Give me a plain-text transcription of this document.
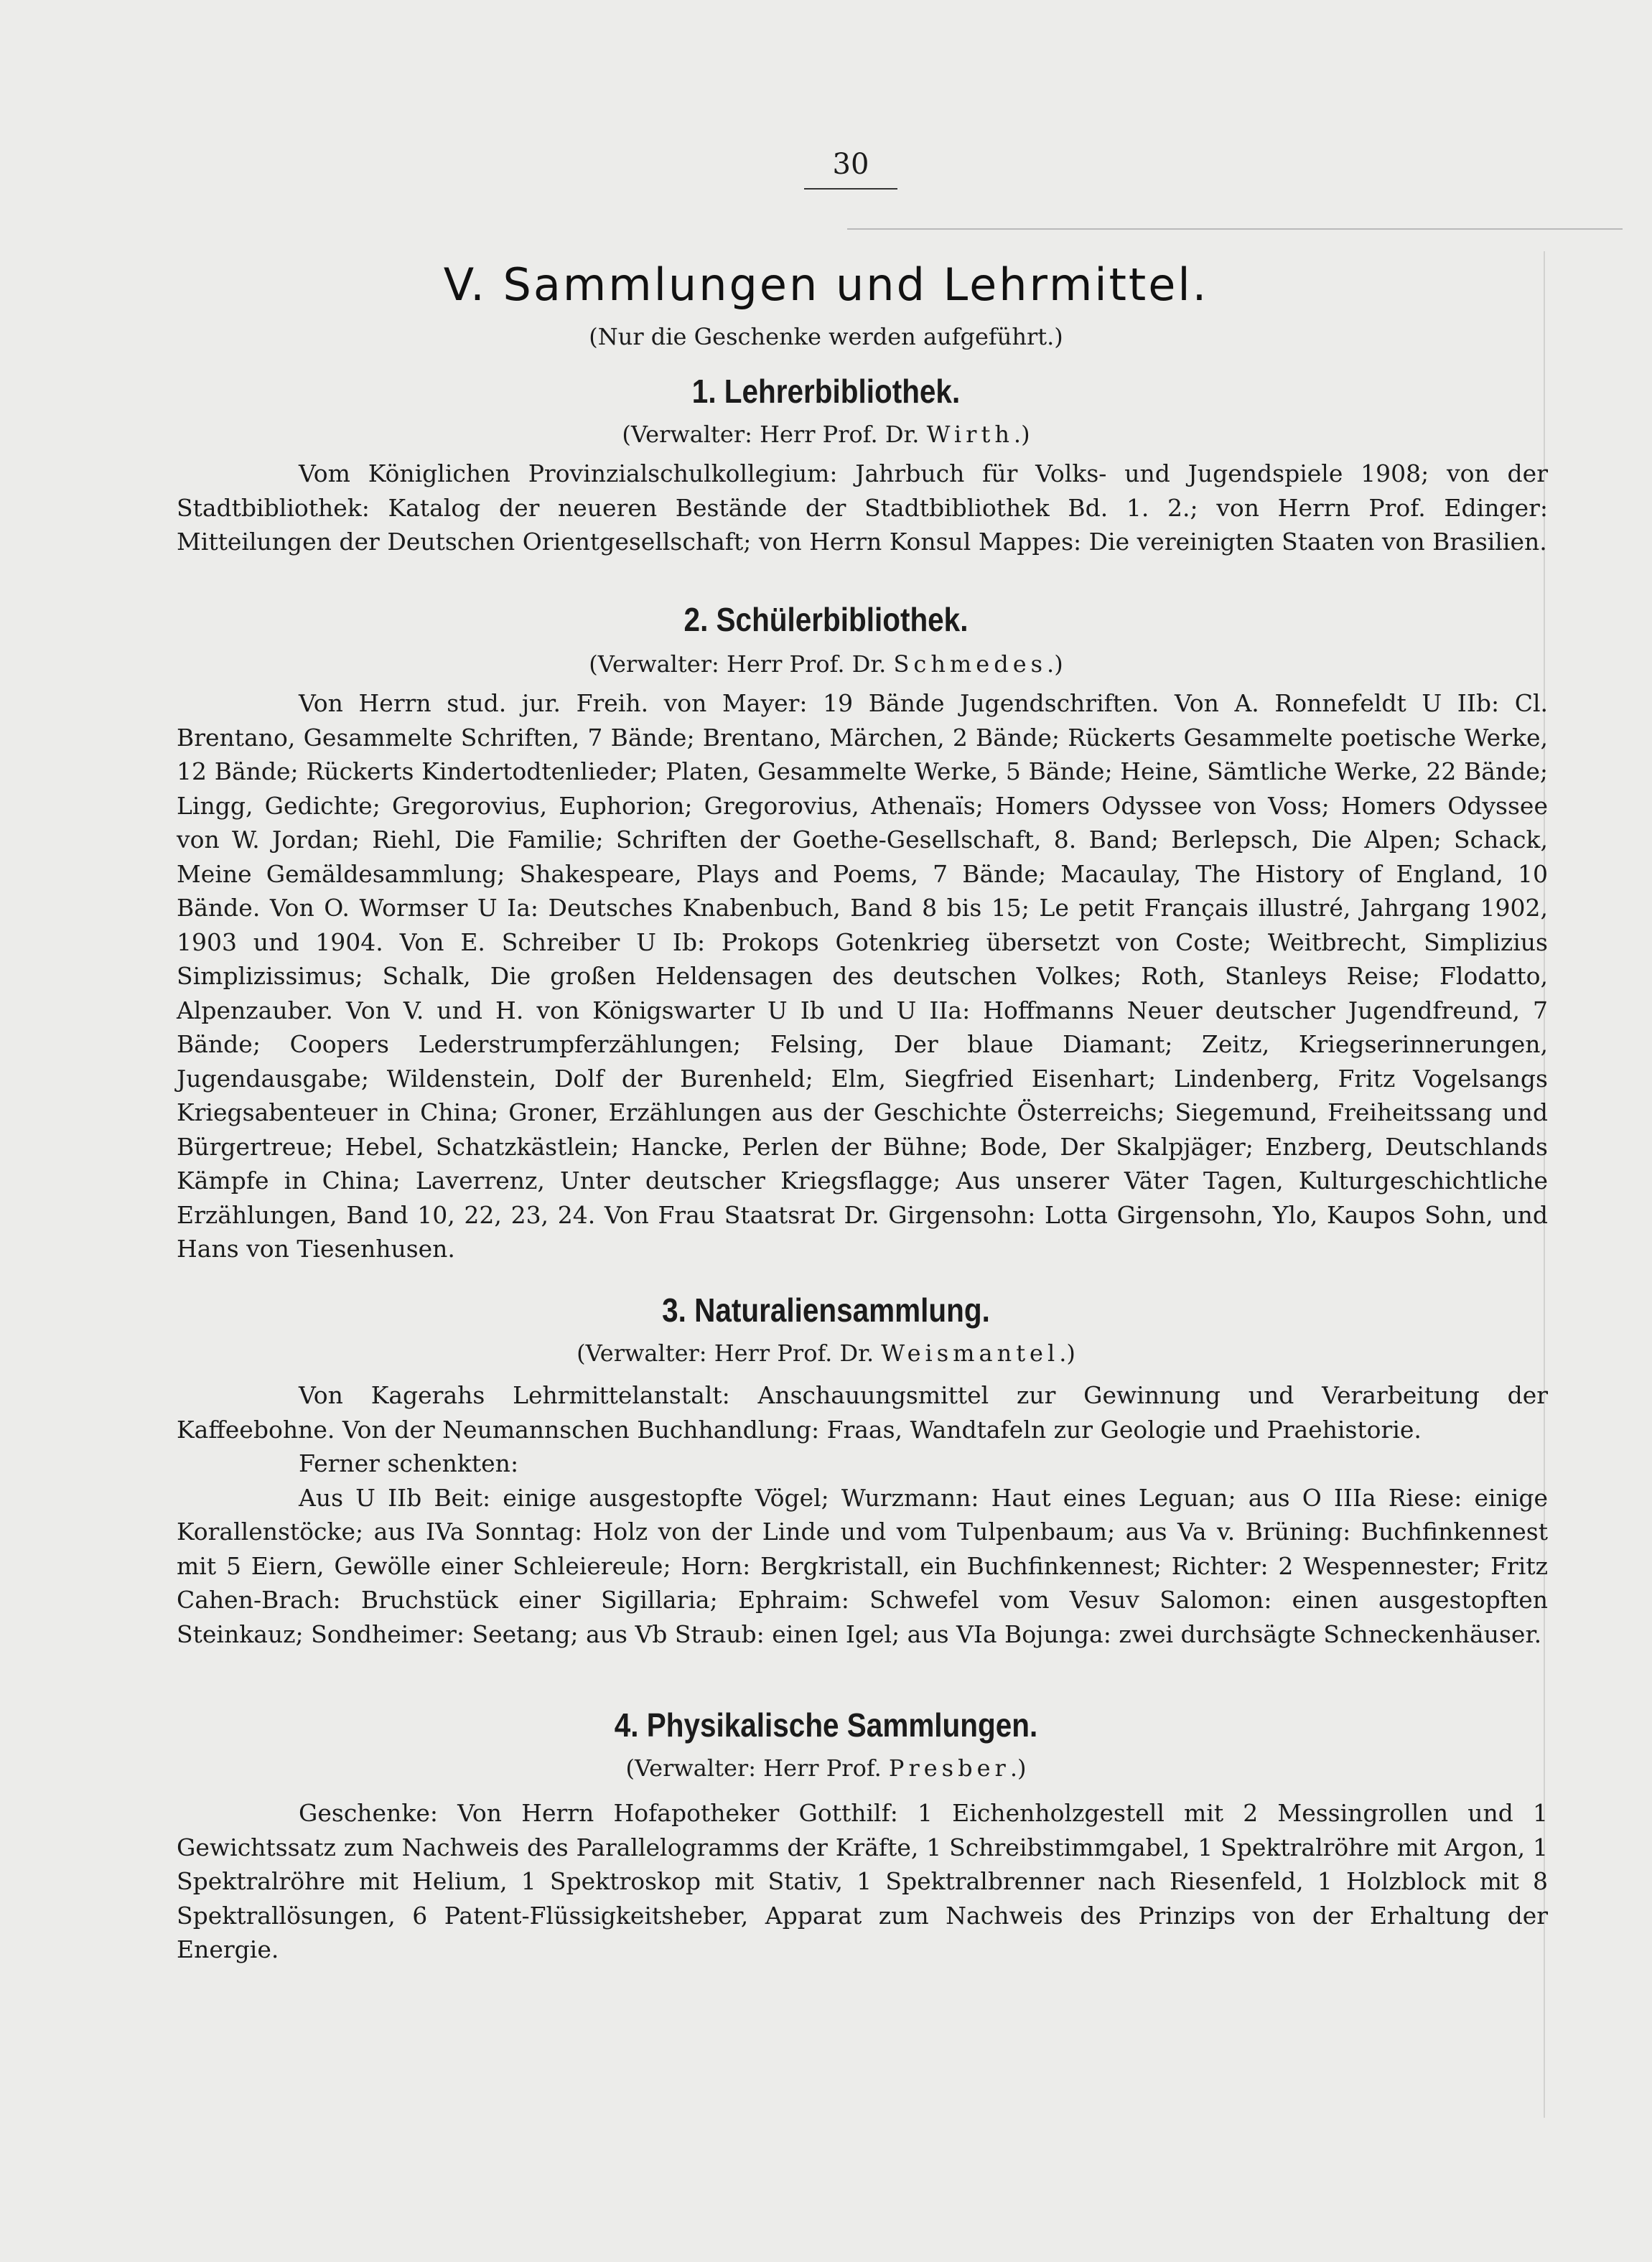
30
V. Sammlungen und Lehrmittel.
(Nur die Geschenke werden aufgeführt.)
1. Lehrerbibliothek.
(Verwalter: Herr Prof. Dr. Wirth.)

Vom Königlichen Provinzialschulkollegium: Jahrbuch für Volks- und Jugendspiele 1908; von der Stadtbibliothek: Katalog der neueren Bestände der Stadtbibliothek Bd. 1. 2.; von Herrn Prof. Edinger: Mitteilungen der Deutschen Orientgesellschaft; von Herrn Konsul Mappes: Die vereinigten Staaten von Brasilien.

2. Schülerbibliothek.
(Verwalter: Herr Prof. Dr. Schmedes.)

Von Herrn stud. jur. Freih. von Mayer: 19 Bände Jugendschriften. Von A. Ronnefeldt U IIb: Cl. Brentano, Gesammelte Schriften, 7 Bände; Brentano, Märchen, 2 Bände; Rückerts Gesammelte poetische Werke, 12 Bände; Rückerts Kindertodtenlieder; Platen, Gesammelte Werke, 5 Bände; Heine, Sämtliche Werke, 22 Bände; Lingg, Gedichte; Gregorovius, Euphorion; Gregorovius, Athenaïs; Homers Odyssee von Voss; Homers Odyssee von W. Jordan; Riehl, Die Familie; Schriften der Goethe-Gesellschaft, 8. Band; Berlepsch, Die Alpen; Schack, Meine Gemäldesammlung; Shakespeare, Plays and Poems, 7 Bände; Macaulay, The History of England, 10 Bände. Von O. Wormser U Ia: Deutsches Knabenbuch, Band 8 bis 15; Le petit Français illustré, Jahrgang 1902, 1903 und 1904. Von E. Schreiber U Ib: Prokops Gotenkrieg übersetzt von Coste; Weitbrecht, Simplizius Simplizissimus; Schalk, Die großen Heldensagen des deutschen Volkes; Roth, Stanleys Reise; Flodatto, Alpenzauber. Von V. und H. von Königswarter U Ib und U IIa: Hoffmanns Neuer deutscher Jugendfreund, 7 Bände; Coopers Lederstrumpferzählungen; Felsing, Der blaue Diamant; Zeitz, Kriegserinnerungen, Jugendausgabe; Wildenstein, Dolf der Burenheld; Elm, Siegfried Eisenhart; Lindenberg, Fritz Vogelsangs Kriegsabenteuer in China; Groner, Erzählungen aus der Geschichte Österreichs; Siegemund, Freiheitssang und Bürgertreue; Hebel, Schatzkästlein; Hancke, Perlen der Bühne; Bode, Der Skalpjäger; Enzberg, Deutschlands Kämpfe in China; Laverrenz, Unter deutscher Kriegsflagge; Aus unserer Väter Tagen, Kulturgeschichtliche Erzählungen, Band 10, 22, 23, 24. Von Frau Staatsrat Dr. Girgensohn: Lotta Girgensohn, Ylo, Kaupos Sohn, und Hans von Tiesenhusen.

3. Naturaliensammlung.
(Verwalter: Herr Prof. Dr. Weismantel.)

Von Kagerahs Lehrmittelanstalt: Anschauungsmittel zur Gewinnung und Verarbeitung der Kaffeebohne. Von der Neumannschen Buchhandlung: Fraas, Wandtafeln zur Geologie und Praehistorie.

Ferner schenkten:

Aus U IIb Beit: einige ausgestopfte Vögel; Wurzmann: Haut eines Leguan; aus O IIIa Riese: einige Korallenstöcke; aus IVa Sonntag: Holz von der Linde und vom Tulpenbaum; aus Va v. Brüning: Buchfinkennest mit 5 Eiern, Gewölle einer Schleiereule; Horn: Bergkristall, ein Buchfinkennest; Richter: 2 Wespennester; Fritz Cahen-Brach: Bruchstück einer Sigillaria; Ephraim: Schwefel vom Vesuv Salomon: einen ausgestopften Steinkauz; Sondheimer: Seetang; aus Vb Straub: einen Igel; aus VIa Bojunga: zwei durchsägte Schneckenhäuser.

4. Physikalische Sammlungen.
(Verwalter: Herr Prof. Presber.)

Geschenke: Von Herrn Hofapotheker Gotthilf: 1 Eichenholzgestell mit 2 Messingrollen und 1 Gewichtssatz zum Nachweis des Parallelogramms der Kräfte, 1 Schreibstimmgabel, 1 Spektralröhre mit Argon, 1 Spektralröhre mit Helium, 1 Spektroskop mit Stativ, 1 Spektralbrenner nach Riesenfeld, 1 Holzblock mit 8 Spektrallösungen, 6 Patent-Flüssigkeitsheber, Apparat zum Nachweis des Prinzips von der Erhaltung der Energie.
